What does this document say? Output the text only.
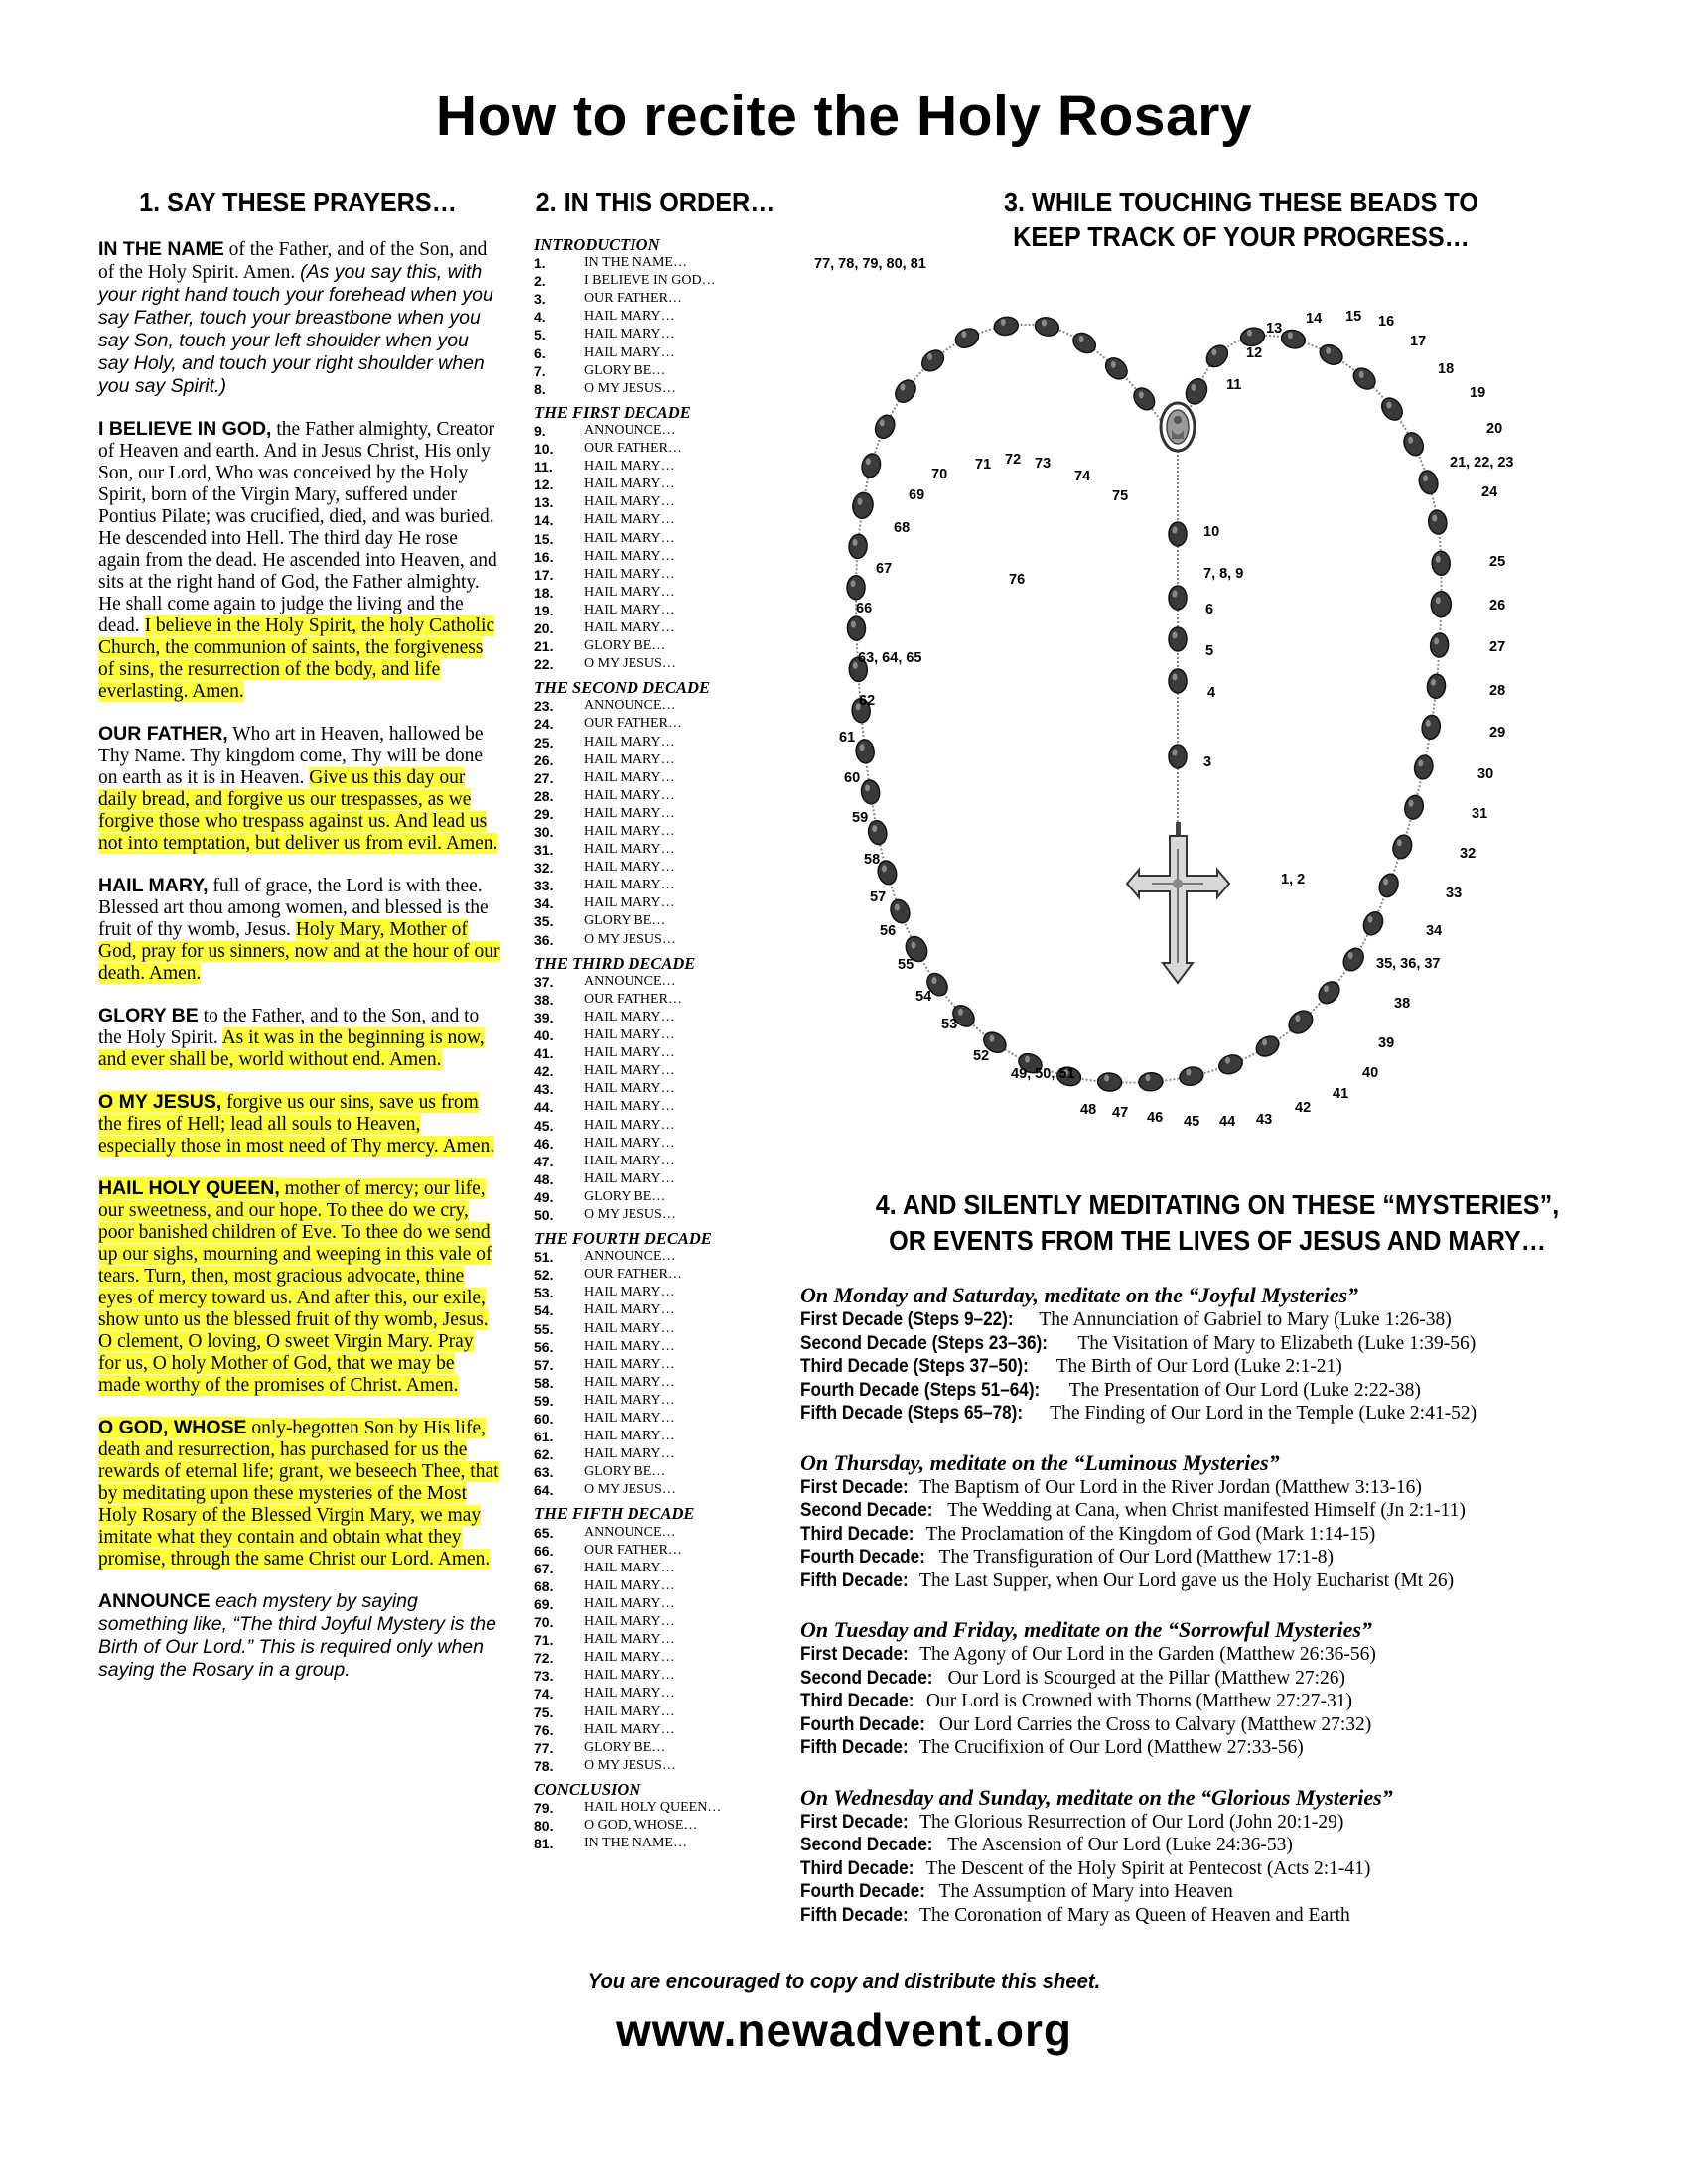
How to recite the Holy Rosary
1. SAY THESE PRAYERS…	2. IN THIS ORDER…	3. WHILE TOUCHING THESE BEADS TO
KEEP TRACK OF YOUR PROGRESS…
IN THE NAME of the Father, and of the Son, and of the Holy Spirit. Amen. (As you say this, with your right hand touch your forehead when you say Father, touch your breastbone when you say Son, touch your left shoulder when you say Holy, and touch your right shoulder when you say Spirit.)
I BELIEVE IN GOD, the Father almighty, Creator of Heaven and earth. And in Jesus Christ, His only Son, our Lord, Who was conceived by the Holy Spirit, born of the Virgin Mary, suffered under Pontius Pilate; was crucified, died, and was buried. He descended into Hell. The third day He rose again from the dead. He ascended into Heaven, and sits at the right hand of God, the Father almighty. He shall come again to judge the living and the dead. I believe in the Holy Spirit, the holy Catholic Church, the communion of saints, the forgiveness of sins, the resurrection of the body, and life everlasting. Amen.
OUR FATHER, Who art in Heaven, hallowed be Thy Name. Thy kingdom come, Thy will be done on earth as it is in Heaven. Give us this day our daily bread, and forgive us our trespasses, as we forgive those who trespass against us. And lead us not into temptation, but deliver us from evil. Amen.
HAIL MARY, full of grace, the Lord is with thee. Blessed art thou among women, and blessed is the fruit of thy womb, Jesus. Holy Mary, Mother of God, pray for us sinners, now and at the hour of our death. Amen.
GLORY BE to the Father, and to the Son, and to the Holy Spirit. As it was in the beginning is now, and ever shall be, world without end. Amen.
O MY JESUS, forgive us our sins, save us from the fires of Hell; lead all souls to Heaven, especially those in most need of Thy mercy. Amen.
HAIL HOLY QUEEN, mother of mercy; our life, our sweetness, and our hope. To thee do we cry, poor banished children of Eve. To thee do we send up our sighs, mourning and weeping in this vale of tears. Turn, then, most gracious advocate, thine eyes of mercy toward us. And after this, our exile, show unto us the blessed fruit of thy womb, Jesus. O clement, O loving, O sweet Virgin Mary. Pray for us, O holy Mother of God, that we may be made worthy of the promises of Christ. Amen.
O GOD, WHOSE only-begotten Son by His life, death and resurrection, has purchased for us the rewards of eternal life; grant, we beseech Thee, that by meditating upon these mysteries of the Most Holy Rosary of the Blessed Virgin Mary, we may imitate what they contain and obtain what they promise, through the same Christ our Lord. Amen.
ANNOUNCE each mystery by saying something like, “The third Joyful Mystery is the Birth of Our Lord.” This is required only when saying the Rosary in a group.
INTRODUCTION
1.	IN THE NAME…
2.	I BELIEVE IN GOD…
3.	OUR FATHER…
4.	HAIL MARY…
5.	HAIL MARY…
6.	HAIL MARY…
7.	GLORY BE…
8.	O MY JESUS…
THE FIRST DECADE
9.	ANNOUNCE…
10.	OUR FATHER…
11.	HAIL MARY…
12.	HAIL MARY…
13.	HAIL MARY…
14.	HAIL MARY…
15.	HAIL MARY…
16.	HAIL MARY…
17.	HAIL MARY…
18.	HAIL MARY…
19.	HAIL MARY…
20.	HAIL MARY…
21.	GLORY BE…
22.	O MY JESUS…
THE SECOND DECADE
23.	ANNOUNCE…
24.	OUR FATHER…
25.	HAIL MARY…
26.	HAIL MARY…
27.	HAIL MARY…
28.	HAIL MARY…
29.	HAIL MARY…
30.	HAIL MARY…
31.	HAIL MARY…
32.	HAIL MARY…
33.	HAIL MARY…
34.	HAIL MARY…
35.	GLORY BE…
36.	O MY JESUS…
THE THIRD DECADE
37.	ANNOUNCE…
38.	OUR FATHER…
39.	HAIL MARY…
40.	HAIL MARY…
41.	HAIL MARY…
42.	HAIL MARY…
43.	HAIL MARY…
44.	HAIL MARY…
45.	HAIL MARY…
46.	HAIL MARY…
47.	HAIL MARY…
48.	HAIL MARY…
49.	GLORY BE…
50.	O MY JESUS…
THE FOURTH DECADE
51.	ANNOUNCE…
52.	OUR FATHER…
53.	HAIL MARY…
54.	HAIL MARY…
55.	HAIL MARY…
56.	HAIL MARY…
57.	HAIL MARY…
58.	HAIL MARY…
59.	HAIL MARY…
60.	HAIL MARY…
61.	HAIL MARY…
62.	HAIL MARY…
63.	GLORY BE…
64.	O MY JESUS…
THE FIFTH DECADE
65.	ANNOUNCE…
66.	OUR FATHER…
67.	HAIL MARY…
68.	HAIL MARY…
69.	HAIL MARY…
70.	HAIL MARY…
71.	HAIL MARY…
72.	HAIL MARY…
73.	HAIL MARY…
74.	HAIL MARY…
75.	HAIL MARY…
76.	HAIL MARY…
77.	GLORY BE…
78.	O MY JESUS…
CONCLUSION
79.	HAIL HOLY QUEEN…
80.	O GOD, WHOSE…
81.	IN THE NAME…
1, 2
3
4
5
6
7, 8, 9
10
11
12
13
14 15 16
17
18
19
20
21, 22, 23
24
25
26
27
28
29
30
31
32
33
34
35, 36, 37
38
39
40
41
42
43
44
45
46
47
48
49, 50, 51
52
53
54
55
56
57
58
59
60
61
62
63, 64, 65
66
67
68
69
70
71 72 73
74
75
76
77, 78, 79, 80, 81
4. AND SILENTLY MEDITATING ON THESE “MYSTERIES”,
OR EVENTS FROM THE LIVES OF JESUS AND MARY…
On Monday and Saturday, meditate on the “Joyful Mysteries”
First Decade (Steps 9–22): The Annunciation of Gabriel to Mary (Luke 1:26-38)
Second Decade (Steps 23–36): The Visitation of Mary to Elizabeth (Luke 1:39-56)
Third Decade (Steps 37–50): The Birth of Our Lord (Luke 2:1-21)
Fourth Decade (Steps 51–64): The Presentation of Our Lord (Luke 2:22-38)
Fifth Decade (Steps 65–78): The Finding of Our Lord in the Temple (Luke 2:41-52)
On Thursday, meditate on the “Luminous Mysteries”
First Decade: The Baptism of Our Lord in the River Jordan (Matthew 3:13-16)
Second Decade: The Wedding at Cana, when Christ manifested Himself (Jn 2:1-11)
Third Decade: The Proclamation of the Kingdom of God (Mark 1:14-15)
Fourth Decade: The Transfiguration of Our Lord (Matthew 17:1-8)
Fifth Decade: The Last Supper, when Our Lord gave us the Holy Eucharist (Mt 26)
On Tuesday and Friday, meditate on the “Sorrowful Mysteries”
First Decade: The Agony of Our Lord in the Garden (Matthew 26:36-56)
Second Decade: Our Lord is Scourged at the Pillar (Matthew 27:26)
Third Decade: Our Lord is Crowned with Thorns (Matthew 27:27-31)
Fourth Decade: Our Lord Carries the Cross to Calvary (Matthew 27:32)
Fifth Decade: The Crucifixion of Our Lord (Matthew 27:33-56)
On Wednesday and Sunday, meditate on the “Glorious Mysteries”
First Decade: The Glorious Resurrection of Our Lord (John 20:1-29)
Second Decade: The Ascension of Our Lord (Luke 24:36-53)
Third Decade: The Descent of the Holy Spirit at Pentecost (Acts 2:1-41)
Fourth Decade: The Assumption of Mary into Heaven
Fifth Decade: The Coronation of Mary as Queen of Heaven and Earth
You are encouraged to copy and distribute this sheet.
www.newadvent.org
